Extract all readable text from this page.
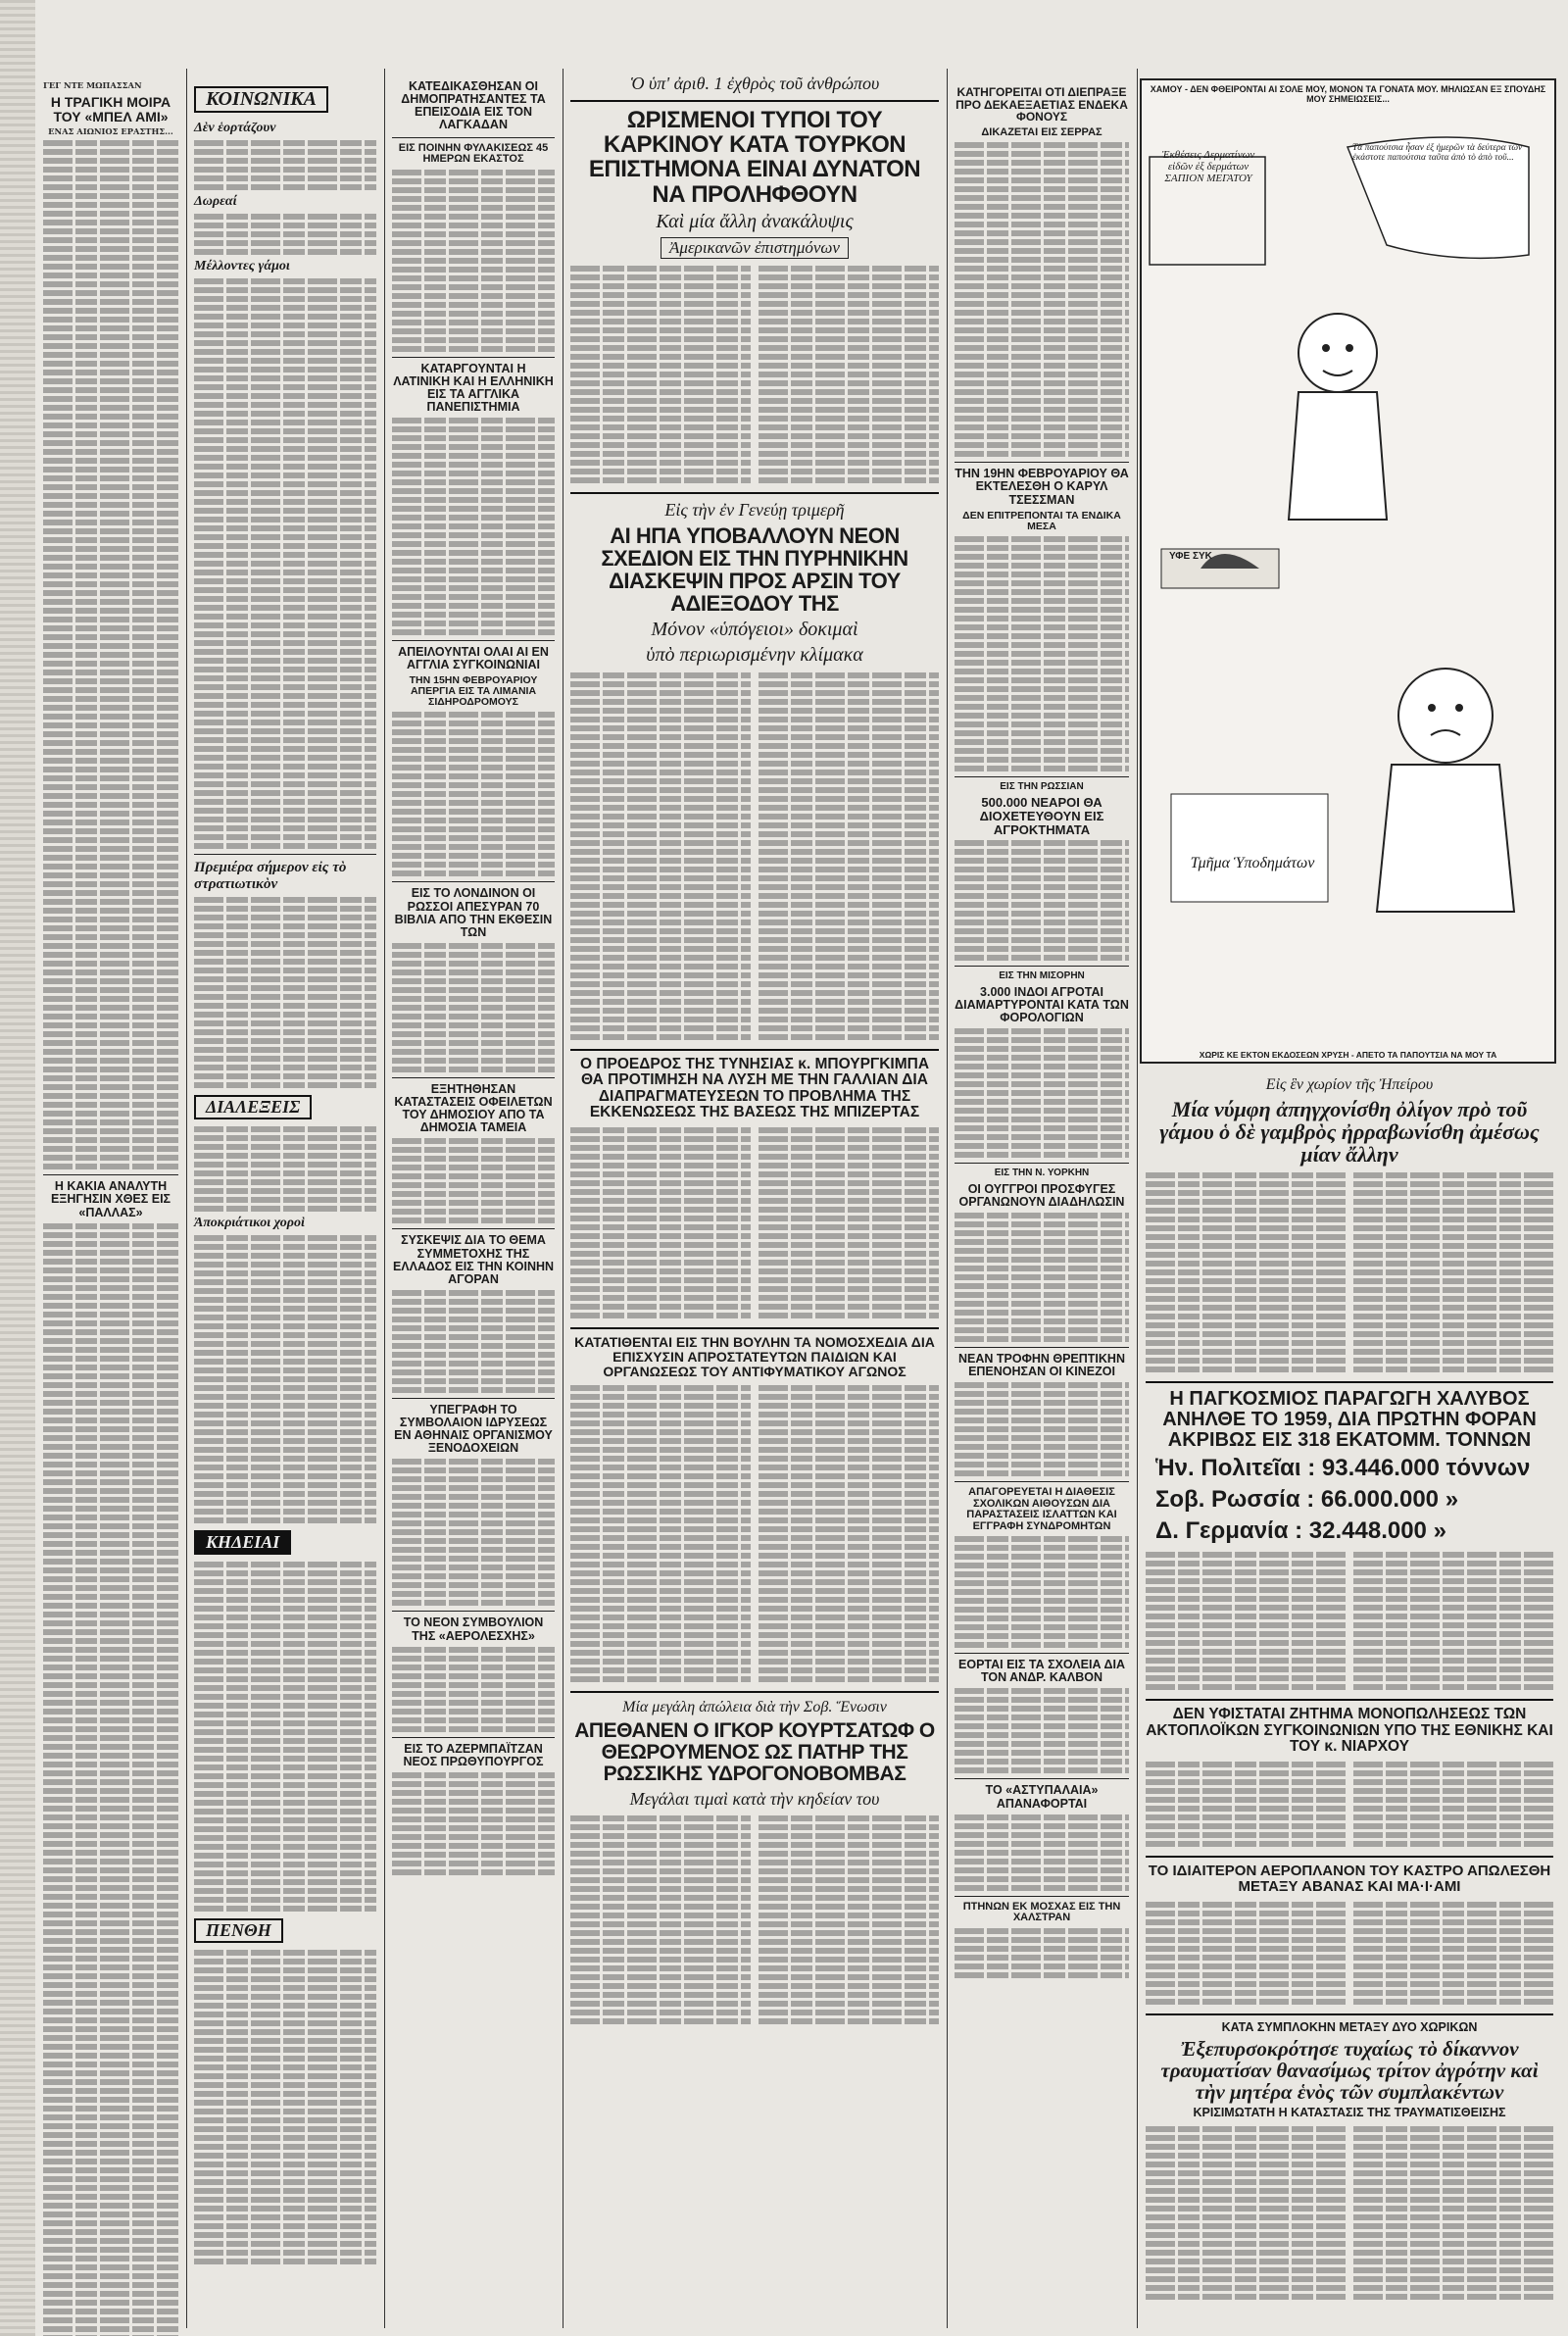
ΓΕΓ ΝΤΕ ΜΩΠΑΣΣΑΝ
Η ΤΡΑΓΙΚΗ ΜΟΙΡΑ ΤΟΥ «ΜΠΕΛ ΑΜΙ»
ΕΝΑΣ ΑΙΩΝΙΟΣ ΕΡΑΣΤΗΣ...
Η ΚΑΚΙΑ ΑΝΑΛΥΤΗ ΕΞΗΓΗΣΙΝ ΧΘΕΣ ΕΙΣ «ΠΑΛΛΑΣ»
ΚΟΙΝΩΝΙΚΑ
Δὲν ἑορτάζουν
Δωρεαί
Μέλλοντες γάμοι
Πρεμιέρα σήμερον εἰς τὸ στρατιωτικὸν
ΔΙΑΛΕΞΕΙΣ
Ἀποκριάτικοι χοροὶ
ΚΗΔΕΙΑΙ
ΠΕΝΘΗ
ΚΑΤΕΔΙΚΑΣΘΗΣΑΝ ΟΙ ΔΗΜΟΠΡΑΤΗΣΑΝΤΕΣ ΤΑ ΕΠΕΙΣΟΔΙΑ ΕΙΣ ΤΟΝ ΛΑΓΚΑΔΑΝ
ΕΙΣ ΠΟΙΝΗΝ ΦΥΛΑΚΙΣΕΩΣ 45 ΗΜΕΡΩΝ ΕΚΑΣΤΟΣ
ΚΑΤΑΡΓΟΥΝΤΑΙ Η ΛΑΤΙΝΙΚΗ ΚΑΙ Η ΕΛΛΗΝΙΚΗ ΕΙΣ ΤΑ ΑΓΓΛΙΚΑ ΠΑΝΕΠΙΣΤΗΜΙΑ
ΑΠΕΙΛΟΥΝΤΑΙ ΟΛΑΙ ΑΙ ΕΝ ΑΓΓΛΙΑ ΣΥΓΚΟΙΝΩΝΙΑΙ
ΤΗΝ 15ΗΝ ΦΕΒΡΟΥΑΡΙΟΥ ΑΠΕΡΓΙΑ ΕΙΣ ΤΑ ΛΙΜΑΝΙΑ ΣΙΔΗΡΟΔΡΟΜΟΥΣ
ΕΙΣ ΤΟ ΛΟΝΔΙΝΟΝ ΟΙ ΡΩΣΣΟΙ ΑΠΕΣΥΡΑΝ 70 ΒΙΒΛΙΑ ΑΠΟ ΤΗΝ ΕΚΘΕΣΙΝ ΤΩΝ
ΕΞΗΤΗΘΗΣΑΝ ΚΑΤΑΣΤΑΣΕΙΣ ΟΦΕΙΛΕΤΩΝ ΤΟΥ ΔΗΜΟΣΙΟΥ ΑΠΟ ΤΑ ΔΗΜΟΣΙΑ ΤΑΜΕΙΑ
ΣΥΣΚΕΨΙΣ ΔΙΑ ΤΟ ΘΕΜΑ ΣΥΜΜΕΤΟΧΗΣ ΤΗΣ ΕΛΛΑΔΟΣ ΕΙΣ ΤΗΝ ΚΟΙΝΗΝ ΑΓΟΡΑΝ
ΥΠΕΓΡΑΦΗ ΤΟ ΣΥΜΒΟΛΑΙΟΝ ΙΔΡΥΣΕΩΣ ΕΝ ΑΘΗΝΑΙΣ ΟΡΓΑΝΙΣΜΟΥ ΞΕΝΟΔΟΧΕΙΩΝ
ΤΟ ΝΕΟΝ ΣΥΜΒΟΥΛΙΟΝ ΤΗΣ «ΑΕΡΟΛΕΣΧΗΣ»
ΕΙΣ ΤΟ ΑΖΕΡΜΠΑΪΤΖΑΝ ΝΕΟΣ ΠΡΩΘΥΠΟΥΡΓΟΣ
Ὁ ὑπ' ἀριθ. 1 ἐχθρὸς τοῦ ἀνθρώπου
ΩΡΙΣΜΕΝΟΙ ΤΥΠΟΙ ΤΟΥ ΚΑΡΚΙΝΟΥ ΚΑΤΑ ΤΟΥΡΚΟΝ ΕΠΙΣΤΗΜΟΝΑ ΕΙΝΑΙ ΔΥΝΑΤΟΝ ΝΑ ΠΡΟΛΗΦΘΟΥΝ
Καὶ μία ἄλλη ἀνακάλυψις
Ἀμερικανῶν ἐπιστημόνων
Εἰς τὴν ἐν Γενεύῃ τριμερῆ
ΑΙ ΗΠΑ ΥΠΟΒΑΛΛΟΥΝ ΝΕΟΝ ΣΧΕΔΙΟΝ ΕΙΣ ΤΗΝ ΠΥΡΗΝΙΚΗΝ ΔΙΑΣΚΕΨΙΝ ΠΡΟΣ ΑΡΣΙΝ ΤΟΥ ΑΔΙΕΞΟΔΟΥ ΤΗΣ
Μόνον «ὑπόγειοι» δοκιμαὶ
ὑπὸ περιωρισμένην κλίμακα
Ο ΠΡΟΕΔΡΟΣ ΤΗΣ ΤΥΝΗΣΙΑΣ κ. ΜΠΟΥΡΓΚΙΜΠΑ ΘΑ ΠΡΟΤΙΜΗΣΗ ΝΑ ΛΥΣΗ ΜΕ ΤΗΝ ΓΑΛΛΙΑΝ ΔΙΑ ΔΙΑΠΡΑΓΜΑΤΕΥΣΕΩΝ ΤΟ ΠΡΟΒΛΗΜΑ ΤΗΣ ΕΚΚΕΝΩΣΕΩΣ ΤΗΣ ΒΑΣΕΩΣ ΤΗΣ ΜΠΙΖΕΡΤΑΣ
ΚΑΤΑΤΙΘΕΝΤΑΙ ΕΙΣ ΤΗΝ ΒΟΥΛΗΝ ΤΑ ΝΟΜΟΣΧΕΔΙΑ ΔΙΑ ΕΠΙΣΧΥΣΙΝ ΑΠΡΟΣΤΑΤΕΥΤΩΝ ΠΑΙΔΙΩΝ ΚΑΙ ΟΡΓΑΝΩΣΕΩΣ ΤΟΥ ΑΝΤΙΦΥΜΑΤΙΚΟΥ ΑΓΩΝΟΣ
Μία μεγάλη ἀπώλεια διὰ τὴν Σοβ. Ἕνωσιν
ΑΠΕΘΑΝΕΝ Ο ΙΓΚΟΡ ΚΟΥΡΤΣΑΤΩΦ Ο ΘΕΩΡΟΥΜΕΝΟΣ ΩΣ ΠΑΤΗΡ ΤΗΣ ΡΩΣΣΙΚΗΣ ΥΔΡΟΓΟΝΟΒΟΜΒΑΣ
Μεγάλαι τιμαὶ κατὰ τὴν κηδείαν του
ΚΑΤΗΓΟΡΕΙΤΑΙ ΟΤΙ ΔΙΕΠΡΑΞΕ ΠΡΟ ΔΕΚΑΕΞΑΕΤΙΑΣ ΕΝΔΕΚΑ ΦΟΝΟΥΣ
ΔΙΚΑΖΕΤΑΙ ΕΙΣ ΣΕΡΡΑΣ
ΤΗΝ 19ΗΝ ΦΕΒΡΟΥΑΡΙΟΥ ΘΑ ΕΚΤΕΛΕΣΘΗ Ο ΚΑΡΥΛ ΤΣΕΣΣΜΑΝ
ΔΕΝ ΕΠΙΤΡΕΠΟΝΤΑΙ ΤΑ ΕΝΔΙΚΑ ΜΕΣΑ
ΕΙΣ ΤΗΝ ΡΩΣΣΙΑΝ
500.000 ΝΕΑΡΟΙ ΘΑ ΔΙΟΧΕΤΕΥΘΟΥΝ ΕΙΣ ΑΓΡΟΚΤΗΜΑΤΑ
ΕΙΣ ΤΗΝ ΜΙΣΟΡΗΝ
3.000 ΙΝΔΟΙ ΑΓΡΟΤΑΙ ΔΙΑΜΑΡΤΥΡΟΝΤΑΙ ΚΑΤΑ ΤΩΝ ΦΟΡΟΛΟΓΙΩΝ
ΕΙΣ ΤΗΝ Ν. ΥΟΡΚΗΝ
ΟΙ ΟΥΓΓΡΟΙ ΠΡΟΣΦΥΓΕΣ ΟΡΓΑΝΩΝΟΥΝ ΔΙΑΔΗΛΩΣΙΝ
ΝΕΑΝ ΤΡΟΦΗΝ ΘΡΕΠΤΙΚΗΝ ΕΠΕΝΟΗΣΑΝ ΟΙ ΚΙΝΕΖΟΙ
ΑΠΑΓΟΡΕΥΕΤΑΙ Η ΔΙΑΘΕΣΙΣ ΣΧΟΛΙΚΩΝ ΑΙΘΟΥΣΩΝ ΔΙΑ ΠΑΡΑΣΤΑΣΕΙΣ ΙΣΛΑΤΤΩΝ ΚΑΙ ΕΓΓΡΑΦΗ ΣΥΝΔΡΟΜΗΤΩΝ
ΕΟΡΤΑΙ ΕΙΣ ΤΑ ΣΧΟΛΕΙΑ ΔΙΑ ΤΟΝ ΑΝΔΡ. ΚΑΛΒΟΝ
ΤΟ «ΑΣΤΥΠΑΛΑΙΑ» ΑΠΑΝΑΦΟΡΤΑΙ
ΠΤΗΝΩΝ ΕΚ ΜΟΣΧΑΣ ΕΙΣ ΤΗΝ ΧΑΛΣΤΡΑΝ
ΧΑΜΟΥ - ΔΕΝ ΦΘΕΙΡΟΝΤΑΙ ΑΙ ΣΟΛΕ ΜΟΥ, ΜΟΝΟΝ ΤΑ ΓΟΝΑΤΑ ΜΟΥ. ΜΗΛΙΩΣΑΝ ΕΞ ΣΠΟΥΔΗΣ ΜΟΥ ΣΗΜΕΙΩΣΕΙΣ...
Ἐκθέσεις Δερματίνων εἰδῶν ἐξ δερμάτων ΣΑΠΙΟΝ ΜΕΓΑΤΟΥ
Τὰ παπούτσια ἦσαν ἐξ ἡμερῶν τὰ δεύτερα τῶν ἐκάστοτε παπούτσια ταῦτα ἀπὸ τὸ ἀπὸ τοῦ...
ΥΦΕ ΣΥΚ
Τμῆμα Ὑποδημάτων
ΧΩΡΙΣ ΚΕ ΕΚΤΟΝ ΕΚΔΟΣΕΩΝ ΧΡΥΣΗ - ΑΠΕΤΟ ΤΑ ΠΑΠΟΥΤΣΙΑ ΝΑ ΜΟΥ ΤΑ
Εἰς ἓν χωρίον τῆς Ἠπείρου
Μία νύμφη ἀπηγχονίσθη ὀλίγον πρὸ τοῦ γάμου ὁ δὲ γαμβρὸς ἠρραβωνίσθη ἀμέσως μίαν ἄλλην
Η ΠΑΓΚΟΣΜΙΟΣ ΠΑΡΑΓΩΓΗ ΧΑΛΥΒΟΣ ΑΝΗΛΘΕ ΤΟ 1959, ΔΙΑ ΠΡΩΤΗΝ ΦΟΡΑΝ ΑΚΡΙΒΩΣ ΕΙΣ 318 ΕΚΑΤΟΜΜ. ΤΟΝΝΩΝ
Ἡν. Πολιτεῖαι : 93.446.000 τόννων
Σοβ. Ρωσσία : 66.000.000 »
Δ. Γερμανία : 32.448.000 »
ΔΕΝ ΥΦΙΣΤΑΤΑΙ ΖΗΤΗΜΑ ΜΟΝΟΠΩΛΗΣΕΩΣ ΤΩΝ ΑΚΤΟΠΛΟΪΚΩΝ ΣΥΓΚΟΙΝΩΝΙΩΝ ΥΠΟ ΤΗΣ ΕΘΝΙΚΗΣ ΚΑΙ ΤΟΥ κ. ΝΙΑΡΧΟΥ
ΤΟ ΙΔΙΑΙΤΕΡΟΝ ΑΕΡΟΠΛΑΝΟΝ ΤΟΥ ΚΑΣΤΡΟ ΑΠΩΛΕΣΘΗ ΜΕΤΑΞΥ ΑΒΑΝΑΣ ΚΑΙ ΜΑ·Ι·ΑΜΙ
ΚΑΤΑ ΣΥΜΠΛΟΚΗΝ ΜΕΤΑΞΥ ΔΥΟ ΧΩΡΙΚΩΝ
Ἐξεπυρσοκρότησε τυχαίως τὸ δίκαννον τραυματίσαν θανασίμως τρίτον ἀγρότην καὶ τὴν μητέρα ἑνὸς τῶν συμπλακέντων
ΚΡΙΣΙΜΩΤΑΤΗ Η ΚΑΤΑΣΤΑΣΙΣ ΤΗΣ ΤΡΑΥΜΑΤΙΣΘΕΙΣΗΣ
